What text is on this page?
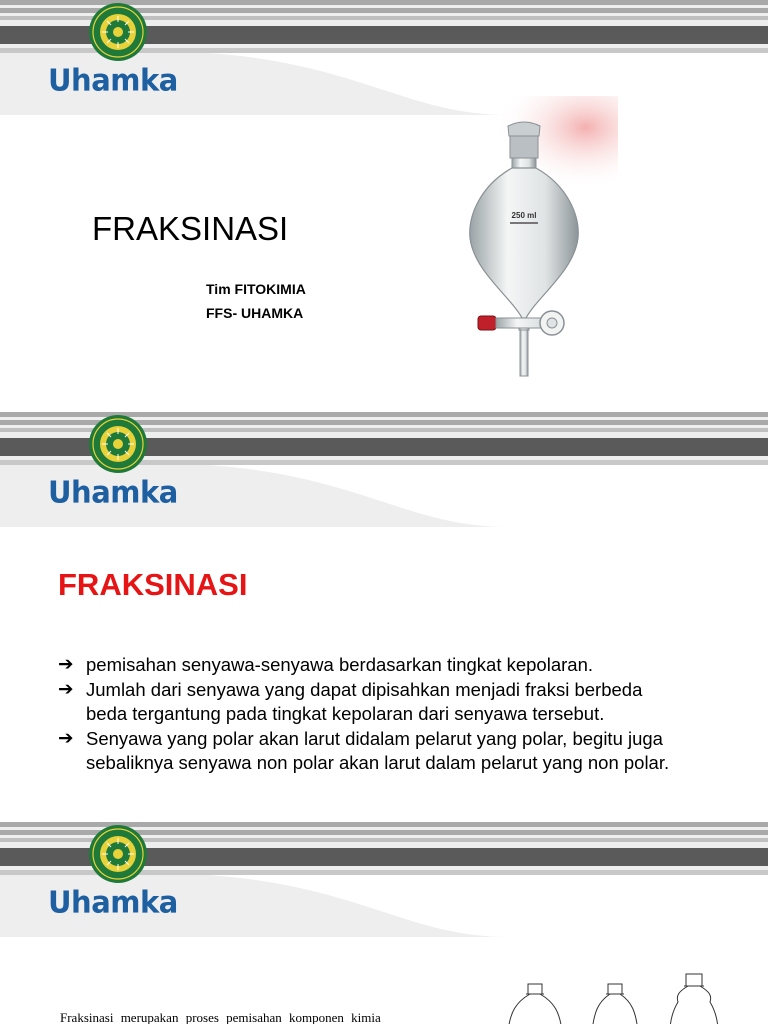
Uhamka
FRAKSINASI
Tim FITOKIMIA
FFS- UHAMKA
250 ml
Uhamka
FRAKSINASI
➔ pemisahan senyawa-senyawa berdasarkan tingkat kepolaran.
➔ Jumlah dari senyawa yang dapat dipisahkan menjadi fraksi berbeda
beda tergantung pada tingkat kepolaran dari senyawa tersebut.
➔ Senyawa yang polar akan larut didalam pelarut yang polar, begitu juga
sebaliknya senyawa non polar akan larut dalam pelarut yang non polar.
Uhamka
Fraksinasi merupakan proses pemisahan komponen kimia
